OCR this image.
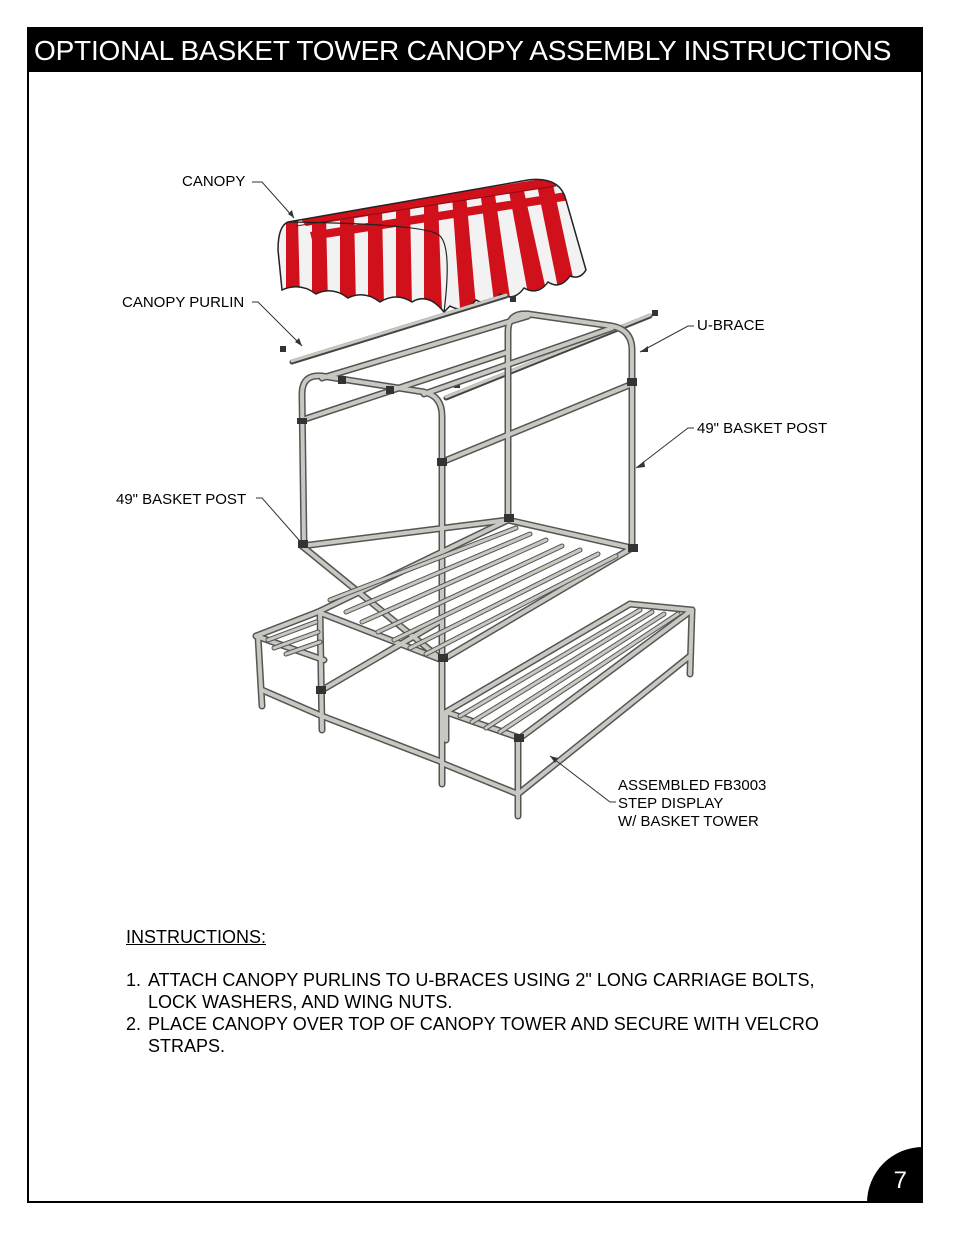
OPTIONAL BASKET TOWER CANOPY ASSEMBLY INSTRUCTIONS
7
CANOPY
CANOPY PURLIN
U-BRACE
49" BASKET POST
49" BASKET POST
ASSEMBLED FB3003
STEP DISPLAY
W/ BASKET TOWER
INSTRUCTIONS:
1. ATTACH CANOPY PURLINS TO U-BRACES USING 2" LONG CARRIAGE BOLTS, LOCK WASHERS, AND WING NUTS.
2. PLACE CANOPY OVER TOP OF CANOPY TOWER AND SECURE WITH VELCRO STRAPS.
